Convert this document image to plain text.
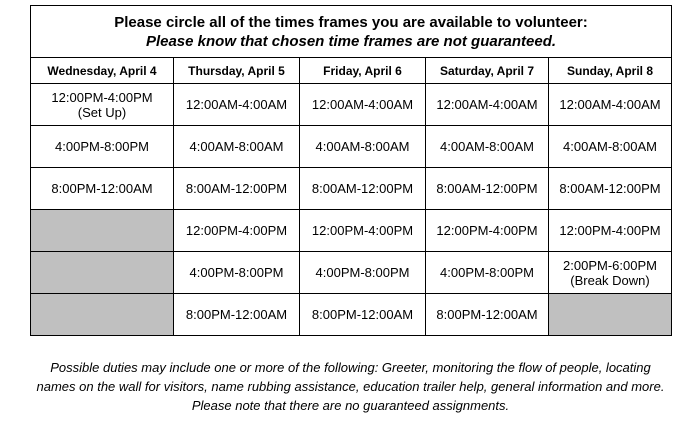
Please circle all of the times frames you are available to volunteer:
Please know that chosen time frames are not guaranteed.				

Wednesday, April 4	Thursday, April 5	Friday, April 6	Saturday, April 7	Sunday, April 8

12:00PM-4:00PM
(Set Up)	12:00AM-4:00AM	12:00AM-4:00AM	12:00AM-4:00AM	12:00AM-4:00AM

4:00PM-8:00PM	4:00AM-8:00AM	4:00AM-8:00AM	4:00AM-8:00AM	4:00AM-8:00AM

8:00PM-12:00AM	8:00AM-12:00PM	8:00AM-12:00PM	8:00AM-12:00PM	8:00AM-12:00PM

	12:00PM-4:00PM	12:00PM-4:00PM	12:00PM-4:00PM	12:00PM-4:00PM

	4:00PM-8:00PM	4:00PM-8:00PM	4:00PM-8:00PM	2:00PM-6:00PM
(Break Down)

	8:00PM-12:00AM	8:00PM-12:00AM	8:00PM-12:00AM	

Possible duties may include one or more of the following: Greeter, monitoring the flow of people, locating names on the wall for visitors, name rubbing assistance, education trailer help, general information and more. Please note that there are no guaranteed assignments.
